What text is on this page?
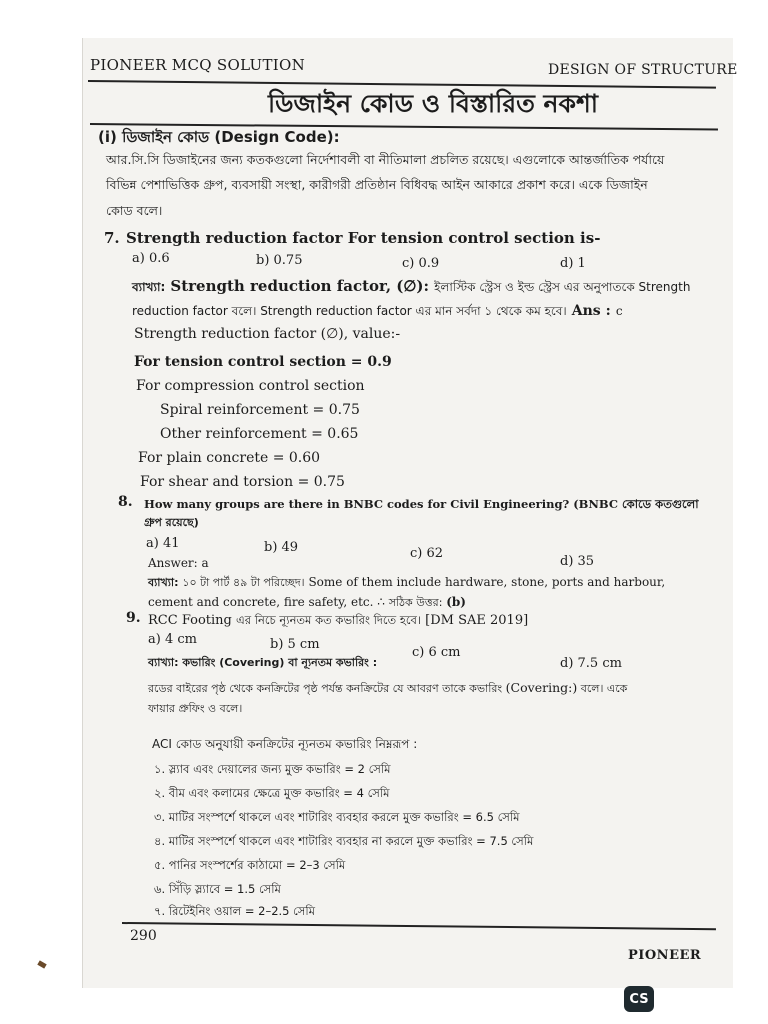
PIONEER MCQ SOLUTION	DESIGN OF STRUCTURE
ডিজাইন কোড ও বিস্তারিত নকশা
(i) ডিজাইন কোড (Design Code):
আর.সি.সি ডিজাইনের জন্য কতকগুলো নির্দেশাবলী বা নীতিমালা প্রচলিত রয়েছে। এগুলোকে আন্তর্জাতিক পর্যায়ে
বিভিন্ন পেশাভিত্তিক গ্রুপ, ব্যবসায়ী সংস্থা, কারীগরী প্রতিষ্ঠান বিধিবদ্ধ আইন আকারে প্রকাশ করে। একে ডিজাইন
কোড বলে।
7. Strength reduction factor For tension control section is-
a) 0.6	b) 0.75	c) 0.9	d) 1
ব্যাখ্যা: Strength reduction factor, (∅): ইলাস্টিক স্ট্রেস ও ইল্ড স্ট্রেস এর অনুপাতকে Strength
reduction factor বলে। Strength reduction factor এর মান সর্বদা ১ থেকে কম হবে। Ans : c
Strength reduction factor (∅), value:-
For tension control section = 0.9
For compression control section
Spiral reinforcement = 0.75
Other reinforcement = 0.65
For plain concrete = 0.60
For shear and torsion = 0.75
8. How many groups are there in BNBC codes for Civil Engineering? (BNBC কোডে কতগুলো
গ্রুপ রয়েছে)
a) 41	b) 49	c) 62
d) 35
Answer: a
ব্যাখ্যা: ১০ টা পার্ট ৪৯ টা পরিচ্ছেদ। Some of them include hardware, stone, ports and harbour,
cement and concrete, fire safety, etc. ∴ সঠিক উত্তর: (b)
9. RCC Footing এর নিচে ন্যূনতম কত কভারিং দিতে হবে। [DM SAE 2019]
a) 4 cm	b) 5 cm
c) 6 cm
d) 7.5 cm
ব্যাখ্যা: কভারিং (Covering) বা ন্যূনতম কভারিং :
রডের বাইরের পৃষ্ঠ থেকে কনক্রিটের পৃষ্ঠ পর্যন্ত কনক্রিটের যে আবরণ তাকে কভারিং (Covering:) বলে। একে
ফায়ার প্রুফিং ও বলে।
ACI কোড অনুযায়ী কনক্রিটের ন্যূনতম কভারিং নিম্নরূপ :
১. স্ল্যাব এবং দেয়ালের জন্য মুক্ত কভারিং = 2 সেমি
২. বীম এবং কলামের ক্ষেত্রে মুক্ত কভারিং = 4 সেমি
৩. মাটির সংস্পর্শে থাকলে এবং শাটারিং ব্যবহার করলে মুক্ত কভারিং = 6.5 সেমি
৪. মাটির সংস্পর্শে থাকলে এবং শাটারিং ব্যবহার না করলে মুক্ত কভারিং = 7.5 সেমি
৫. পানির সংস্পর্শের কাঠামো = 2–3 সেমি
৬. সিঁড়ি স্ল্যাবে = 1.5 সেমি
৭. রিটেইনিং ওয়াল = 2–2.5 সেমি
290
PIONEER
CS
